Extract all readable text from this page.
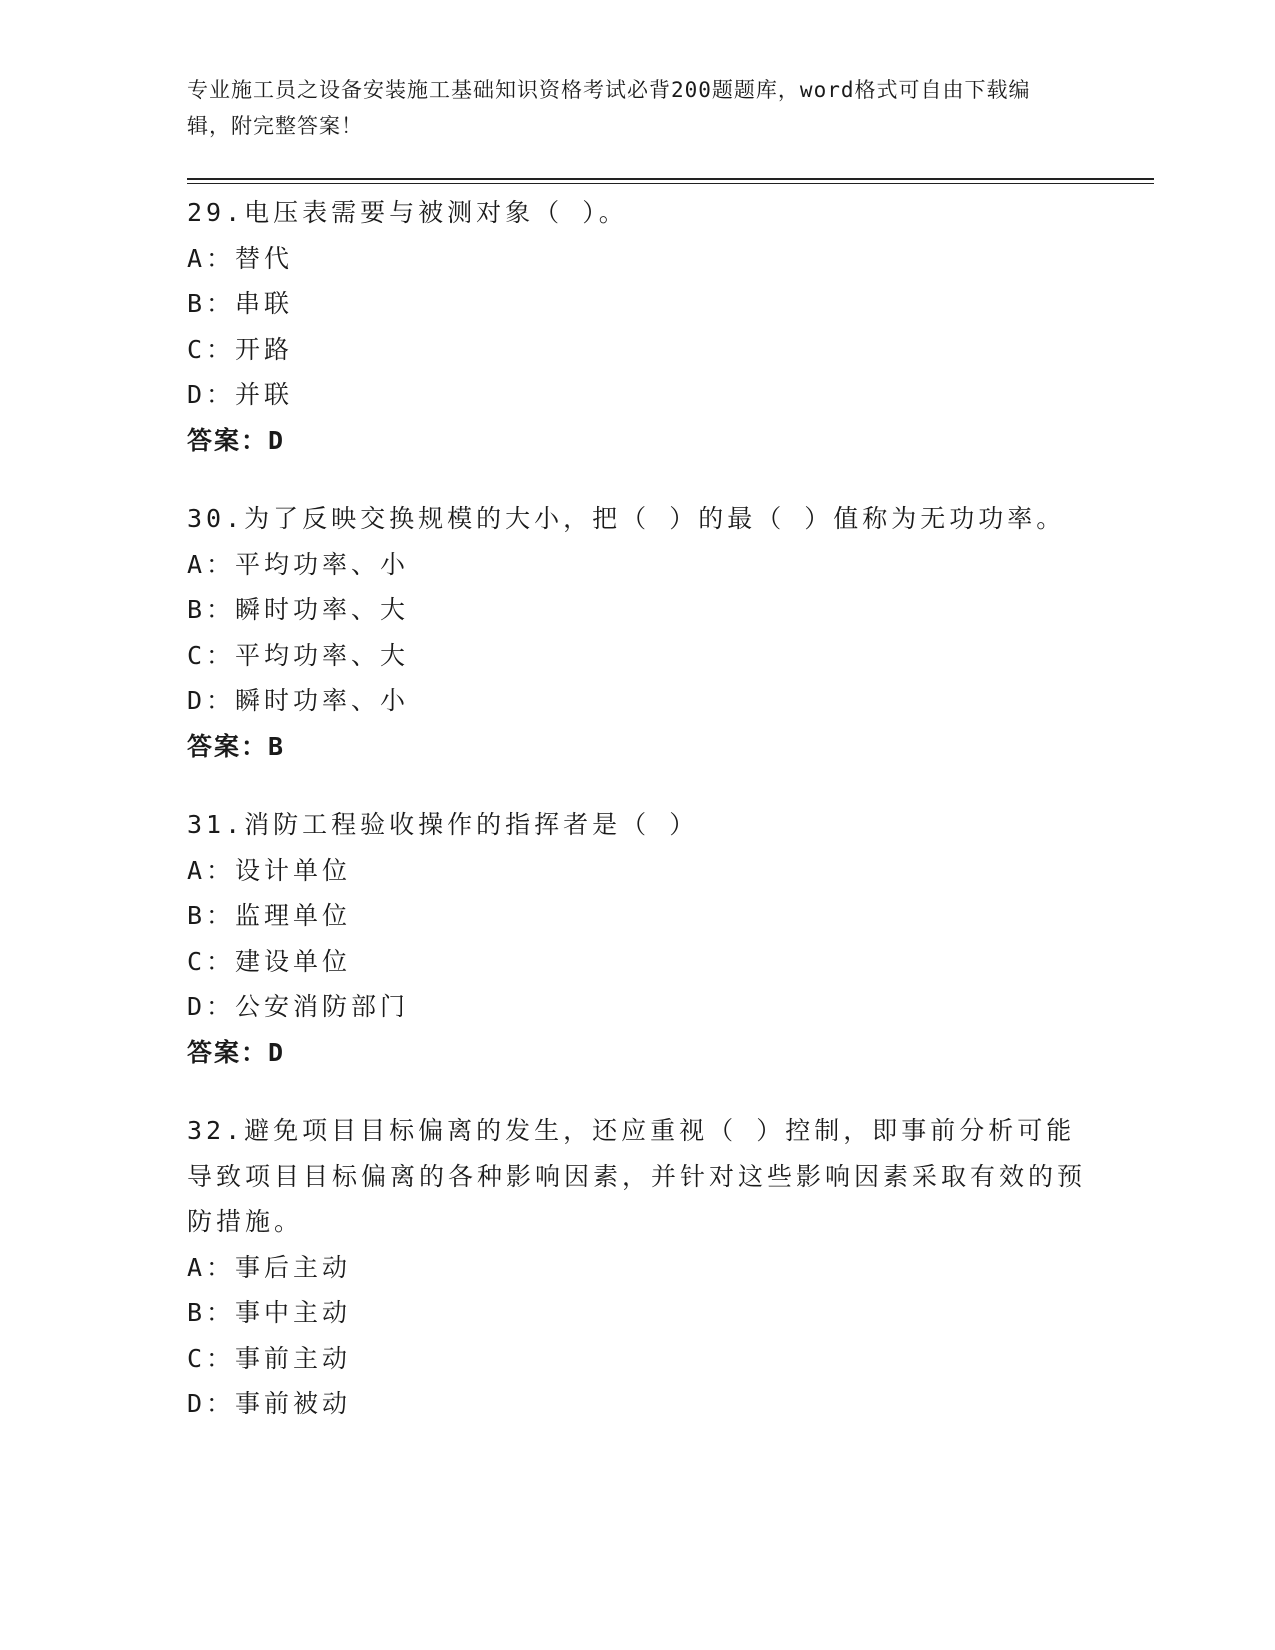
专业施工员之设备安装施工基础知识资格考试必背200题题库，word格式可自由下载编辑，附完整答案！
29.电压表需要与被测对象（ ）。
A：替代
B：串联
C：开路
D：并联
答案：D
30.为了反映交换规模的大小，把（ ）的最（ ）值称为无功功率。
A：平均功率、小
B：瞬时功率、大
C：平均功率、大
D：瞬时功率、小
答案：B
31.消防工程验收操作的指挥者是（ ）
A：设计单位
B：监理单位
C：建设单位
D：公安消防部门
答案：D
32.避免项目目标偏离的发生，还应重视（ ）控制，即事前分析可能导致项目目标偏离的各种影响因素，并针对这些影响因素采取有效的预防措施。
A：事后主动
B：事中主动
C：事前主动
D：事前被动
